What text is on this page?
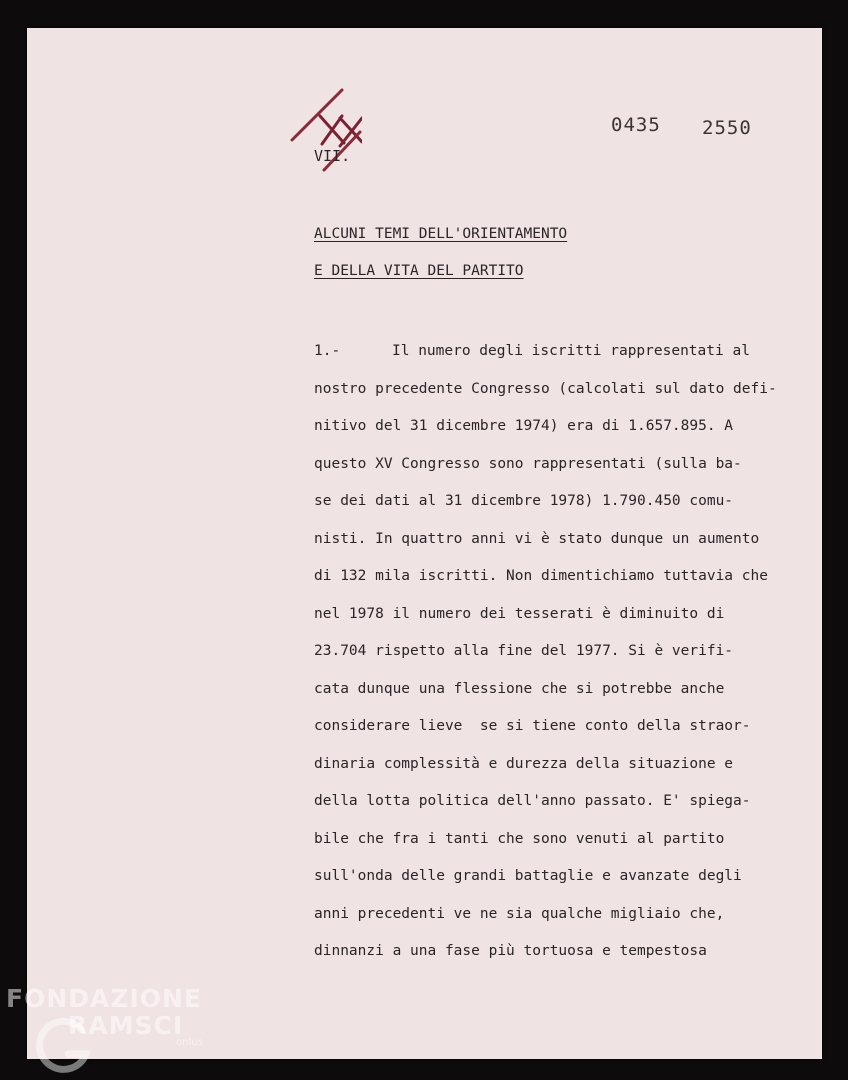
0435 2550
VII.
ALCUNI TEMI DELL'ORIENTAMENTO
E DELLA VITA DEL PARTITO
1.-	Il numero degli iscritti rappresentati al
nostro precedente Congresso (calcolati sul dato defi-
nitivo del 31 dicembre 1974) era di 1.657.895. A
questo XV Congresso sono rappresentati (sulla ba-
se dei dati al 31 dicembre 1978) 1.790.450 comu-
nisti. In quattro anni vi è stato dunque un aumento
di 132 mila iscritti. Non dimentichiamo tuttavia che
nel 1978 il numero dei tesserati è diminuito di
23.704 rispetto alla fine del 1977. Si è verifi-
cata dunque una flessione che si potrebbe anche
considerare lieve  se si tiene conto della straor-
dinaria complessità e durezza della situazione e
della lotta politica dell'anno passato. E' spiega-
bile che fra i tanti che sono venuti al partito
sull'onda delle grandi battaglie e avanzate degli
anni precedenti ve ne sia qualche migliaio che,
dinnanzi a una fase più tortuosa e tempestosa
FONDAZIONE
RAMSCI
onlus
